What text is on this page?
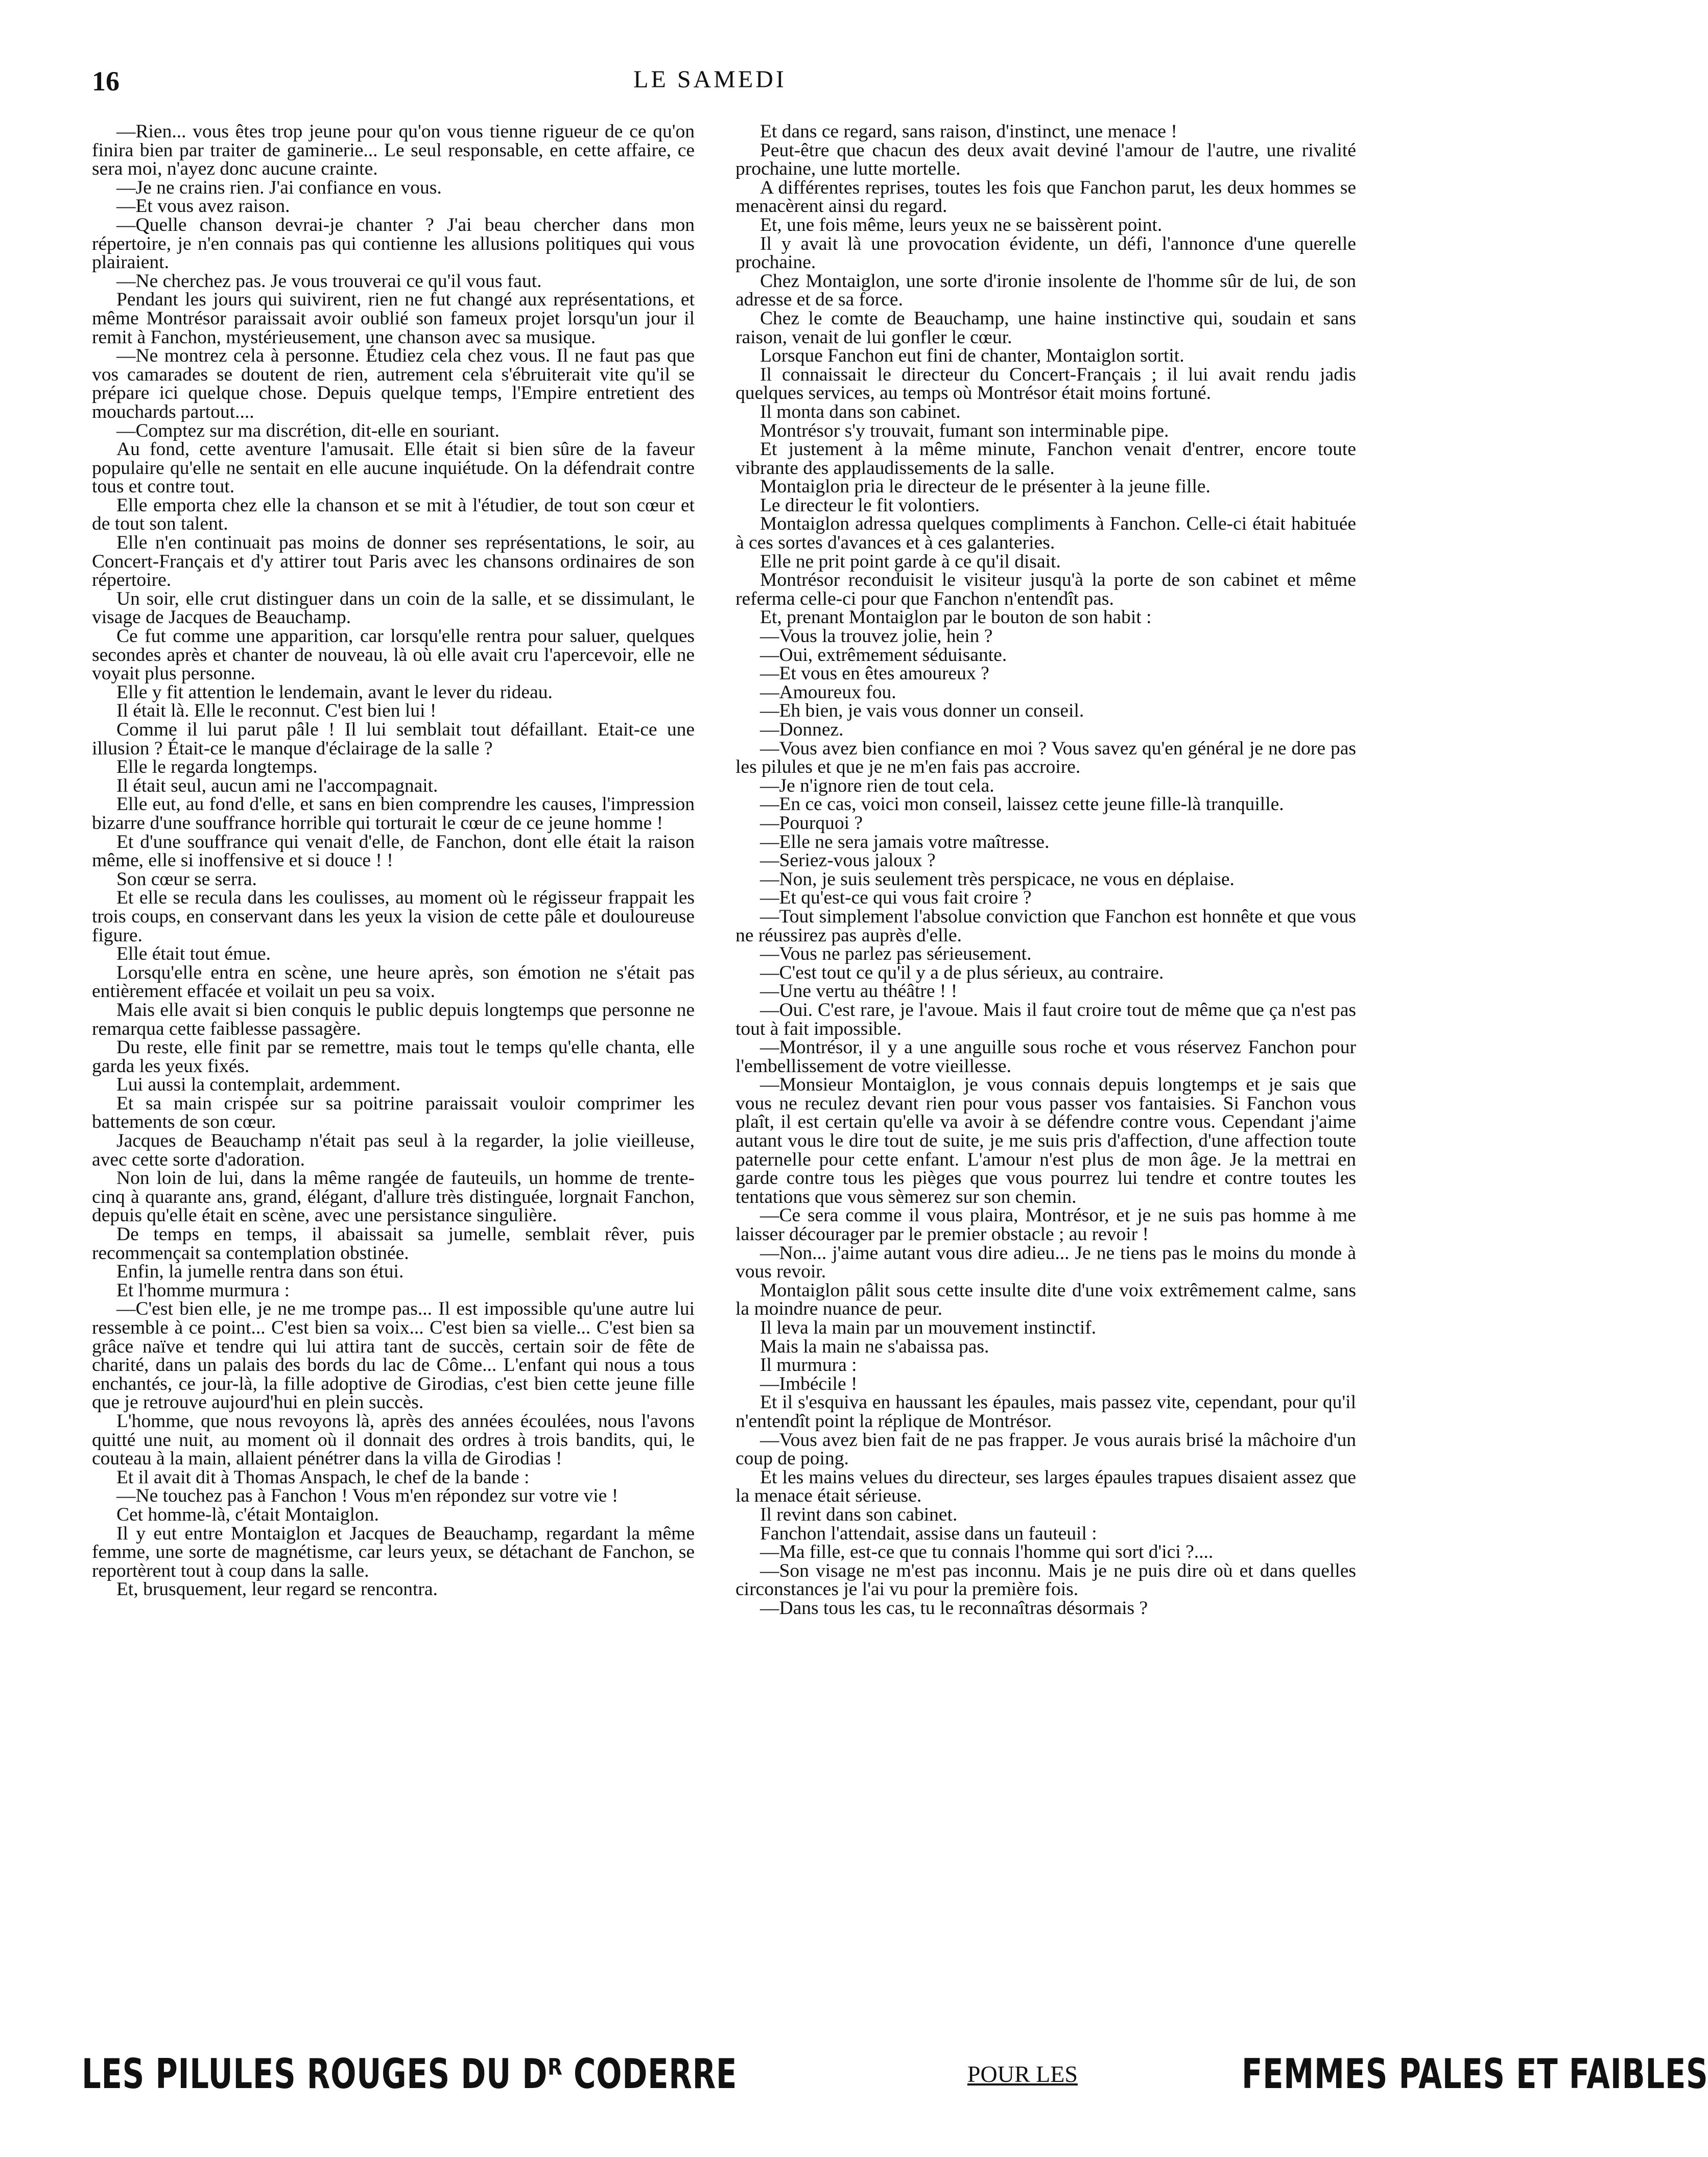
16	LE SAMEDI

—Rien... vous êtes trop jeune pour qu'on vous tienne rigueur de ce qu'on finira bien par traiter de gaminerie... Le seul responsable, en cette affaire, ce sera moi, n'ayez donc aucune crainte.

—Je ne crains rien. J'ai confiance en vous.

—Et vous avez raison.

—Quelle chanson devrai-je chanter ? J'ai beau chercher dans mon répertoire, je n'en connais pas qui contienne les allusions politiques qui vous plairaient.

—Ne cherchez pas. Je vous trouverai ce qu'il vous faut.

Pendant les jours qui suivirent, rien ne fut changé aux représentations, et même Montrésor paraissait avoir oublié son fameux projet lorsqu'un jour il remit à Fanchon, mystérieusement, une chanson avec sa musique.

—Ne montrez cela à personne. Étudiez cela chez vous. Il ne faut pas que vos camarades se doutent de rien, autrement cela s'ébruiterait vite qu'il se prépare ici quelque chose. Depuis quelque temps, l'Empire entretient des mouchards partout....

—Comptez sur ma discrétion, dit-elle en souriant.

Au fond, cette aventure l'amusait. Elle était si bien sûre de la faveur populaire qu'elle ne sentait en elle aucune inquiétude. On la défendrait contre tous et contre tout.

Elle emporta chez elle la chanson et se mit à l'étudier, de tout son cœur et de tout son talent.

Elle n'en continuait pas moins de donner ses représentations, le soir, au Concert-Français et d'y attirer tout Paris avec les chansons ordinaires de son répertoire.

Un soir, elle crut distinguer dans un coin de la salle, et se dissimulant, le visage de Jacques de Beauchamp.

Ce fut comme une apparition, car lorsqu'elle rentra pour saluer, quelques secondes après et chanter de nouveau, là où elle avait cru l'apercevoir, elle ne voyait plus personne.

Elle y fit attention le lendemain, avant le lever du rideau.

Il était là. Elle le reconnut. C'est bien lui !

Comme il lui parut pâle ! Il lui semblait tout défaillant. Etait-ce une illusion ? Était-ce le manque d'éclairage de la salle ?

Elle le regarda longtemps.

Il était seul, aucun ami ne l'accompagnait.

Elle eut, au fond d'elle, et sans en bien comprendre les causes, l'impression bizarre d'une souffrance horrible qui torturait le cœur de ce jeune homme !

Et d'une souffrance qui venait d'elle, de Fanchon, dont elle était la raison même, elle si inoffensive et si douce ! !

Son cœur se serra.

Et elle se recula dans les coulisses, au moment où le régisseur frappait les trois coups, en conservant dans les yeux la vision de cette pâle et douloureuse figure.

Elle était tout émue.

Lorsqu'elle entra en scène, une heure après, son émotion ne s'était pas entièrement effacée et voilait un peu sa voix.

Mais elle avait si bien conquis le public depuis longtemps que personne ne remarqua cette faiblesse passagère.

Du reste, elle finit par se remettre, mais tout le temps qu'elle chanta, elle garda les yeux fixés.

Lui aussi la contemplait, ardemment.

Et sa main crispée sur sa poitrine paraissait vouloir comprimer les battements de son cœur.

Jacques de Beauchamp n'était pas seul à la regarder, la jolie vieilleuse, avec cette sorte d'adoration.

Non loin de lui, dans la même rangée de fauteuils, un homme de trente-cinq à quarante ans, grand, élégant, d'allure très distinguée, lorgnait Fanchon, depuis qu'elle était en scène, avec une persistance singulière.

De temps en temps, il abaissait sa jumelle, semblait rêver, puis recommençait sa contemplation obstinée.

Enfin, la jumelle rentra dans son étui.

Et l'homme murmura :

—C'est bien elle, je ne me trompe pas... Il est impossible qu'une autre lui ressemble à ce point... C'est bien sa voix... C'est bien sa vielle... C'est bien sa grâce naïve et tendre qui lui attira tant de succès, certain soir de fête de charité, dans un palais des bords du lac de Côme... L'enfant qui nous a tous enchantés, ce jour-là, la fille adoptive de Girodias, c'est bien cette jeune fille que je retrouve aujourd'hui en plein succès.

L'homme, que nous revoyons là, après des années écoulées, nous l'avons quitté une nuit, au moment où il donnait des ordres à trois bandits, qui, le couteau à la main, allaient pénétrer dans la villa de Girodias !

Et il avait dit à Thomas Anspach, le chef de la bande :

—Ne touchez pas à Fanchon ! Vous m'en répondez sur votre vie !

Cet homme-là, c'était Montaiglon.

Il y eut entre Montaiglon et Jacques de Beauchamp, regardant la même femme, une sorte de magnétisme, car leurs yeux, se détachant de Fanchon, se reportèrent tout à coup dans la salle.

Et, brusquement, leur regard se rencontra.

Et dans ce regard, sans raison, d'instinct, une menace !

Peut-être que chacun des deux avait deviné l'amour de l'autre, une rivalité prochaine, une lutte mortelle.

A différentes reprises, toutes les fois que Fanchon parut, les deux hommes se menacèrent ainsi du regard.

Et, une fois même, leurs yeux ne se baissèrent point.

Il y avait là une provocation évidente, un défi, l'annonce d'une querelle prochaine.

Chez Montaiglon, une sorte d'ironie insolente de l'homme sûr de lui, de son adresse et de sa force.

Chez le comte de Beauchamp, une haine instinctive qui, soudain et sans raison, venait de lui gonfler le cœur.

Lorsque Fanchon eut fini de chanter, Montaiglon sortit.

Il connaissait le directeur du Concert-Français ; il lui avait rendu jadis quelques services, au temps où Montrésor était moins fortuné.

Il monta dans son cabinet.

Montrésor s'y trouvait, fumant son interminable pipe.

Et justement à la même minute, Fanchon venait d'entrer, encore toute vibrante des applaudissements de la salle.

Montaiglon pria le directeur de le présenter à la jeune fille.

Le directeur le fit volontiers.

Montaiglon adressa quelques compliments à Fanchon. Celle-ci était habituée à ces sortes d'avances et à ces galanteries.

Elle ne prit point garde à ce qu'il disait.

Montrésor reconduisit le visiteur jusqu'à la porte de son cabinet et même referma celle-ci pour que Fanchon n'entendît pas.

Et, prenant Montaiglon par le bouton de son habit :

—Vous la trouvez jolie, hein ?

—Oui, extrêmement séduisante.

—Et vous en êtes amoureux ?

—Amoureux fou.

—Eh bien, je vais vous donner un conseil.

—Donnez.

—Vous avez bien confiance en moi ? Vous savez qu'en général je ne dore pas les pilules et que je ne m'en fais pas accroire.

—Je n'ignore rien de tout cela.

—En ce cas, voici mon conseil, laissez cette jeune fille-là tranquille.

—Pourquoi ?

—Elle ne sera jamais votre maîtresse.

—Seriez-vous jaloux ?

—Non, je suis seulement très perspicace, ne vous en déplaise.

—Et qu'est-ce qui vous fait croire ?

—Tout simplement l'absolue conviction que Fanchon est honnête et que vous ne réussirez pas auprès d'elle.

—Vous ne parlez pas sérieusement.

—C'est tout ce qu'il y a de plus sérieux, au contraire.

—Une vertu au théâtre ! !

—Oui. C'est rare, je l'avoue. Mais il faut croire tout de même que ça n'est pas tout à fait impossible.

—Montrésor, il y a une anguille sous roche et vous réservez Fanchon pour l'embellissement de votre vieillesse.

—Monsieur Montaiglon, je vous connais depuis longtemps et je sais que vous ne reculez devant rien pour vous passer vos fantaisies. Si Fanchon vous plaît, il est certain qu'elle va avoir à se défendre contre vous. Cependant j'aime autant vous le dire tout de suite, je me suis pris d'affection, d'une affection toute paternelle pour cette enfant. L'amour n'est plus de mon âge. Je la mettrai en garde contre tous les pièges que vous pourrez lui tendre et contre toutes les tentations que vous sèmerez sur son chemin.

—Ce sera comme il vous plaira, Montrésor, et je ne suis pas homme à me laisser décourager par le premier obstacle ; au revoir !

—Non... j'aime autant vous dire adieu... Je ne tiens pas le moins du monde à vous revoir.

Montaiglon pâlit sous cette insulte dite d'une voix extrêmement calme, sans la moindre nuance de peur.

Il leva la main par un mouvement instinctif.

Mais la main ne s'abaissa pas.

Il murmura :

—Imbécile !

Et il s'esquiva en haussant les épaules, mais passez vite, cependant, pour qu'il n'entendît point la réplique de Montrésor.

—Vous avez bien fait de ne pas frapper. Je vous aurais brisé la mâchoire d'un coup de poing.

Et les mains velues du directeur, ses larges épaules trapues disaient assez que la menace était sérieuse.

Il revint dans son cabinet.

Fanchon l'attendait, assise dans un fauteuil :

—Ma fille, est-ce que tu connais l'homme qui sort d'ici ?....

—Son visage ne m'est pas inconnu. Mais je ne puis dire où et dans quelles circonstances je l'ai vu pour la première fois.

—Dans tous les cas, tu le reconnaîtras désormais ?

LES PILULES ROUGES DU Dᴿ CODERRE	POUR LES	FEMMES PALES ET FAIBLES
